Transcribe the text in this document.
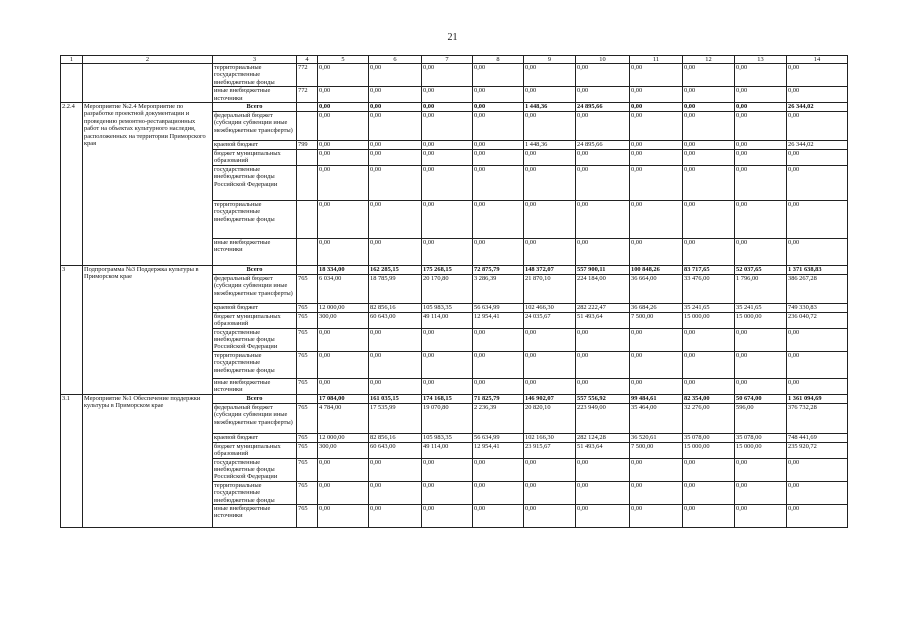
21
1	2	3	4	5	6	7	8	9	10	11	12	13	14
		территориальные государственные внебюджетные фонды	772	0,00	0,00	0,00	0,00	0,00	0,00	0,00	0,00	0,00	0,00
		иные внебюджетные источники	772	0,00	0,00	0,00	0,00	0,00	0,00	0,00	0,00	0,00	0,00
2.2.4	Мероприятие №2.4 Мероприятие по разработке проектной документации и проведению ремонтно-реставрационных работ на объектах культурного наследия, расположенных на территории Приморского края	Всего		0,00	0,00	0,00	0,00	1 448,36	24 895,66	0,00	0,00	0,00	26 344,02
		федеральный бюджет (субсидии субвенции иные межбюджетные трансферты)		0,00	0,00	0,00	0,00	0,00	0,00	0,00	0,00	0,00	0,00
		краевой бюджет	799	0,00	0,00	0,00	0,00	1 448,36	24 895,66	0,00	0,00	0,00	26 344,02
		бюджет муниципальных образований		0,00	0,00	0,00	0,00	0,00	0,00	0,00	0,00	0,00	0,00
		государственные внебюджетные фонды Российской Федерации		0,00	0,00	0,00	0,00	0,00	0,00	0,00	0,00	0,00	0,00
		территориальные государственные внебюджетные фонды		0,00	0,00	0,00	0,00	0,00	0,00	0,00	0,00	0,00	0,00
		иные внебюджетные источники		0,00	0,00	0,00	0,00	0,00	0,00	0,00	0,00	0,00	0,00
3	Подпрограмма №3 Поддержка культуры в Приморском крае	Всего		18 334,00	162 285,15	175 268,15	72 875,79	148 372,07	557 900,11	100 848,26	83 717,65	52 037,65	1 371 638,83
		федеральный бюджет (субсидии субвенции иные межбюджетные трансферты)	765	6 034,00	18 785,99	20 170,80	3 286,39	21 870,10	224 184,00	36 664,00	33 476,00	1 796,00	386 267,28
		краевой бюджет	765	12 000,00	82 856,16	105 983,35	56 634,99	102 466,30	282 222,47	36 684,26	35 241,65	35 241,65	749 330,83
		бюджет муниципальных образований	765	300,00	60 643,00	49 114,00	12 954,41	24 035,67	51 493,64	7 500,00	15 000,00	15 000,00	236 040,72
		государственные внебюджетные фонды Российской Федерации	765	0,00	0,00	0,00	0,00	0,00	0,00	0,00	0,00	0,00	0,00
		территориальные государственные внебюджетные фонды	765	0,00	0,00	0,00	0,00	0,00	0,00	0,00	0,00	0,00	0,00
		иные внебюджетные источники	765	0,00	0,00	0,00	0,00	0,00	0,00	0,00	0,00	0,00	0,00
3.1	Мероприятие №1 Обеспечение поддержки культуры в Приморском крае	Всего		17 084,00	161 035,15	174 168,15	71 825,79	146 902,07	557 556,92	99 484,61	82 354,00	50 674,00	1 361 094,69
		федеральный бюджет (субсидии субвенции иные межбюджетные трансферты)	765	4 784,00	17 535,99	19 070,80	2 236,39	20 820,10	223 949,00	35 464,00	32 276,00	596,00	376 732,28
		краевой бюджет	765	12 000,00	82 856,16	105 983,35	56 634,99	102 166,30	282 124,28	36 520,61	35 078,00	35 078,00	748 441,69
		бюджет муниципальных образований	765	300,00	60 643,00	49 114,00	12 954,41	23 915,67	51 493,64	7 500,00	15 000,00	15 000,00	235 920,72
		государственные внебюджетные фонды Российской Федерации	765	0,00	0,00	0,00	0,00	0,00	0,00	0,00	0,00	0,00	0,00
		территориальные государственные внебюджетные фонды	765	0,00	0,00	0,00	0,00	0,00	0,00	0,00	0,00	0,00	0,00
		иные внебюджетные источники	765	0,00	0,00	0,00	0,00	0,00	0,00	0,00	0,00	0,00	0,00
